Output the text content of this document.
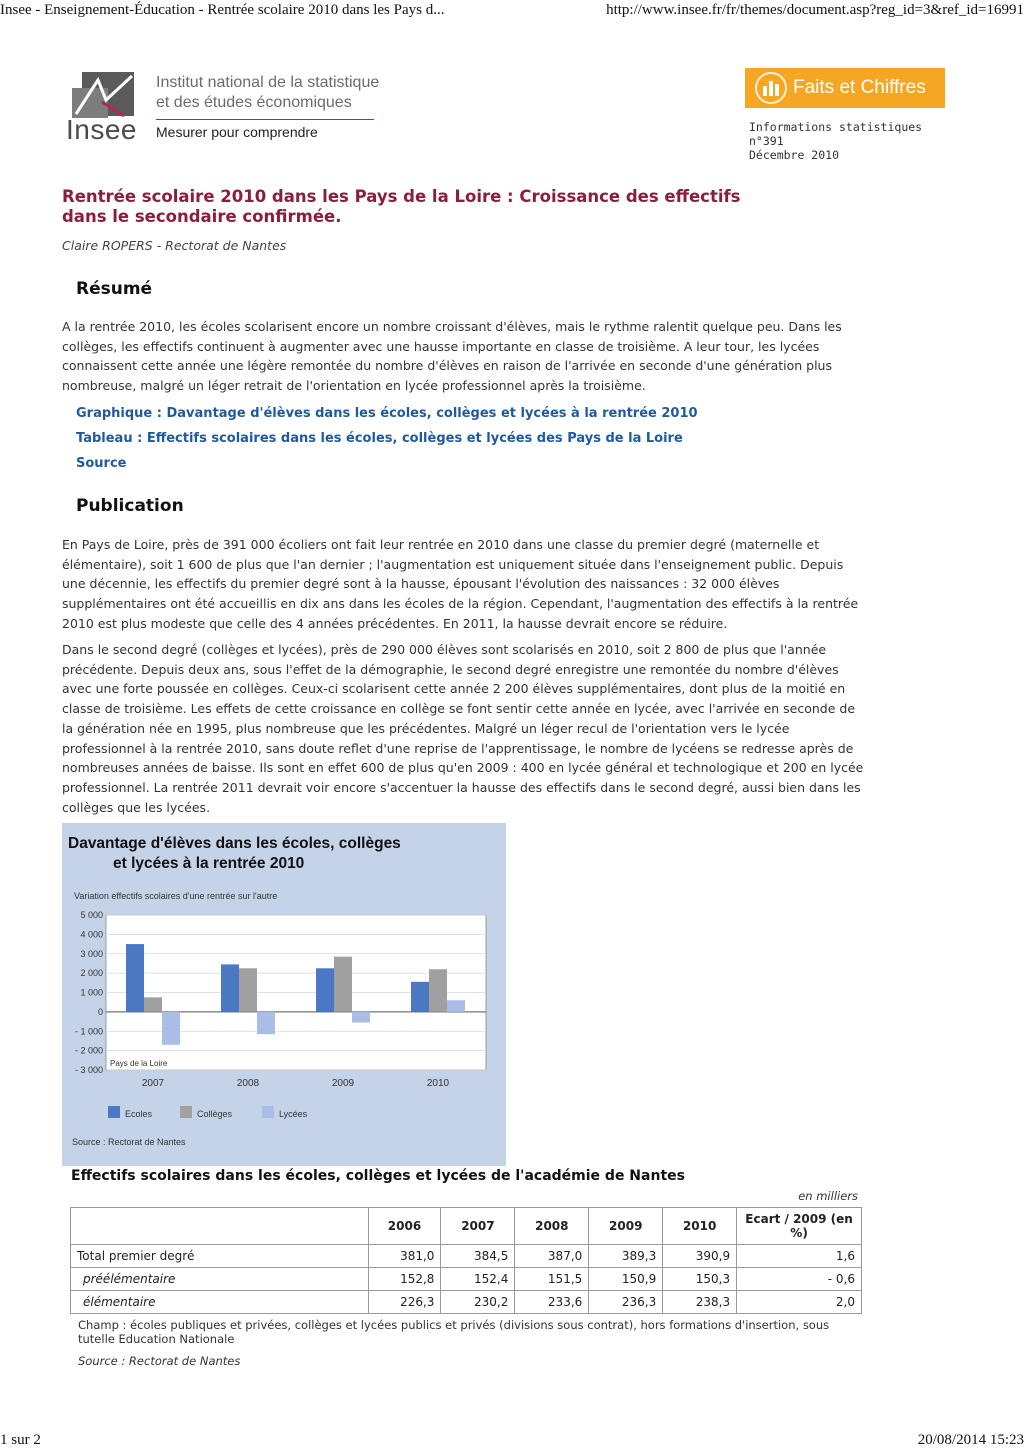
Insee - Enseignement-Éducation - Rentrée scolaire 2010 dans les Pays d...	http://www.insee.fr/fr/themes/document.asp?reg_id=3&ref_id=16991
1 sur 2	20/08/2014 15:23
Insee
Institut national de la statistique
et des études économiques
Mesurer pour comprendre
Faits et Chiffres
Informations statistiques
n°391
Décembre 2010
Rentrée scolaire 2010 dans les Pays de la Loire : Croissance des effectifs dans le secondaire confirmée.
Claire ROPERS - Rectorat de Nantes
Résumé
A la rentrée 2010, les écoles scolarisent encore un nombre croissant d'élèves, mais le rythme ralentit quelque peu. Dans les collèges, les effectifs continuent à augmenter avec une hausse importante en classe de troisième. A leur tour, les lycées connaissent cette année une légère remontée du nombre d'élèves en raison de l'arrivée en seconde d'une génération plus nombreuse, malgré un léger retrait de l'orientation en lycée professionnel après la troisième.
Graphique : Davantage d'élèves dans les écoles, collèges et lycées à la rentrée 2010
Tableau : Effectifs scolaires dans les écoles, collèges et lycées des Pays de la Loire
Source
Publication
En Pays de Loire, près de 391 000 écoliers ont fait leur rentrée en 2010 dans une classe du premier degré (maternelle et élémentaire), soit 1 600 de plus que l'an dernier ; l'augmentation est uniquement située dans l'enseignement public. Depuis une décennie, les effectifs du premier degré sont à la hausse, épousant l'évolution des naissances : 32 000 élèves supplémentaires ont été accueillis en dix ans dans les écoles de la région. Cependant, l'augmentation des effectifs à la rentrée 2010 est plus modeste que celle des 4 années précédentes. En 2011, la hausse devrait encore se réduire.
Dans le second degré (collèges et lycées), près de 290 000 élèves sont scolarisés en 2010, soit 2 800 de plus que l'année précédente. Depuis deux ans, sous l'effet de la démographie, le second degré enregistre une remontée du nombre d'élèves avec une forte poussée en collèges. Ceux-ci scolarisent cette année 2 200 élèves supplémentaires, dont plus de la moitié en classe de troisième. Les effets de cette croissance en collège se font sentir cette année en lycée, avec l'arrivée en seconde de la génération née en 1995, plus nombreuse que les précédentes. Malgré un léger recul de l'orientation vers le lycée professionnel à la rentrée 2010, sans doute reflet d'une reprise de l'apprentissage, le nombre de lycéens se redresse après de nombreuses années de baisse. Ils sont en effet 600 de plus qu'en 2009 : 400 en lycée général et technologique et 200 en lycée professionnel. La rentrée 2011 devrait voir encore s'accentuer la hausse des effectifs dans le second degré, aussi bien dans les collèges que les lycées.
Davantage d'élèves dans les écoles, collèges
et lycées à la rentrée 2010
Variation effectifs scolaires d'une rentrée sur l'autre
5 000
4 000
3 000
2 000
1 000
0
- 1 000
- 2 000
- 3 000
2007	2008	2009	2010
Pays de la Loire
Ecoles	Collèges	Lycées
Source : Rectorat de Nantes
Effectifs scolaires dans les écoles, collèges et lycées de l'académie de Nantes
en milliers
	2006	2007	2008	2009	2010	Ecart / 2009 (en %)
Total premier degré	381,0	384,5	387,0	389,3	390,9	1,6
préélémentaire	152,8	152,4	151,5	150,9	150,3	- 0,6
élémentaire	226,3	230,2	233,6	236,3	238,3	2,0
Champ : écoles publiques et privées, collèges et lycées publics et privés (divisions sous contrat), hors formations d'insertion, sous tutelle Education Nationale
Source : Rectorat de Nantes
